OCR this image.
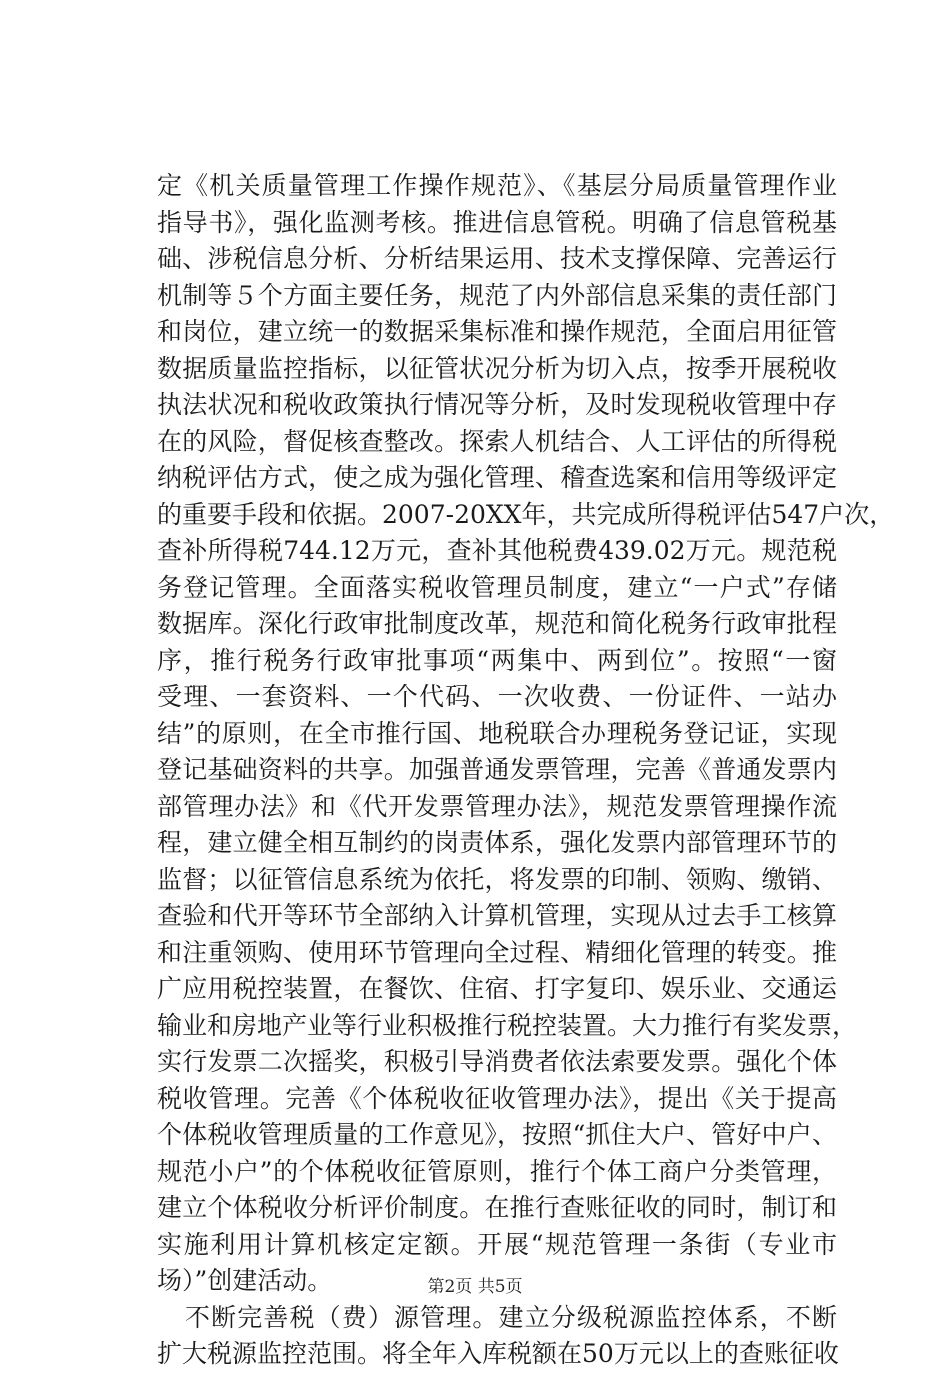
定《机关质量管理工作操作规范》、《基层分局质量管理作业
指导书》，强化监测考核。推进信息管税。明确了信息管税基
础、涉税信息分析、分析结果运用、技术支撑保障、完善运行
机制等５个方面主要任务，规范了内外部信息采集的责任部门
和岗位，建立统一的数据采集标准和操作规范，全面启用征管
数据质量监控指标，以征管状况分析为切入点，按季开展税收
执法状况和税收政策执行情况等分析，及时发现税收管理中存
在的风险，督促核查整改。探索人机结合、人工评估的所得税
纳税评估方式，使之成为强化管理、稽查选案和信用等级评定
的重要手段和依据。2007-20XX年，共完成所得税评估547户次，
查补所得税744.12万元，查补其他税费439.02万元。规范税
务登记管理。全面落实税收管理员制度，建立“一户式”存储
数据库。深化行政审批制度改革，规范和简化税务行政审批程
序，推行税务行政审批事项“两集中、两到位”。按照“一窗
受理、一套资料、一个代码、一次收费、一份证件、一站办
结”的原则，在全市推行国、地税联合办理税务登记证，实现
登记基础资料的共享。加强普通发票管理，完善《普通发票内
部管理办法》和《代开发票管理办法》，规范发票管理操作流
程，建立健全相互制约的岗责体系，强化发票内部管理环节的
监督；以征管信息系统为依托，将发票的印制、领购、缴销、
查验和代开等环节全部纳入计算机管理，实现从过去手工核算
和注重领购、使用环节管理向全过程、精细化管理的转变。推
广应用税控装置，在餐饮、住宿、打字复印、娱乐业、交通运
输业和房地产业等行业积极推行税控装置。大力推行有奖发票，
实行发票二次摇奖，积极引导消费者依法索要发票。强化个体
税收管理。完善《个体税收征收管理办法》，提出《关于提高
个体税收管理质量的工作意见》，按照“抓住大户、管好中户、
规范小户”的个体税收征管原则，推行个体工商户分类管理，
建立个体税收分析评价制度。在推行查账征收的同时，制订和
实施利用计算机核定定额。开展“规范管理一条街（专业市
场）”创建活动。
不断完善税（费）源管理。建立分级税源监控体系，不断
扩大税源监控范围。将全年入库税额在50万元以上的查账征收
第2页 共5页
